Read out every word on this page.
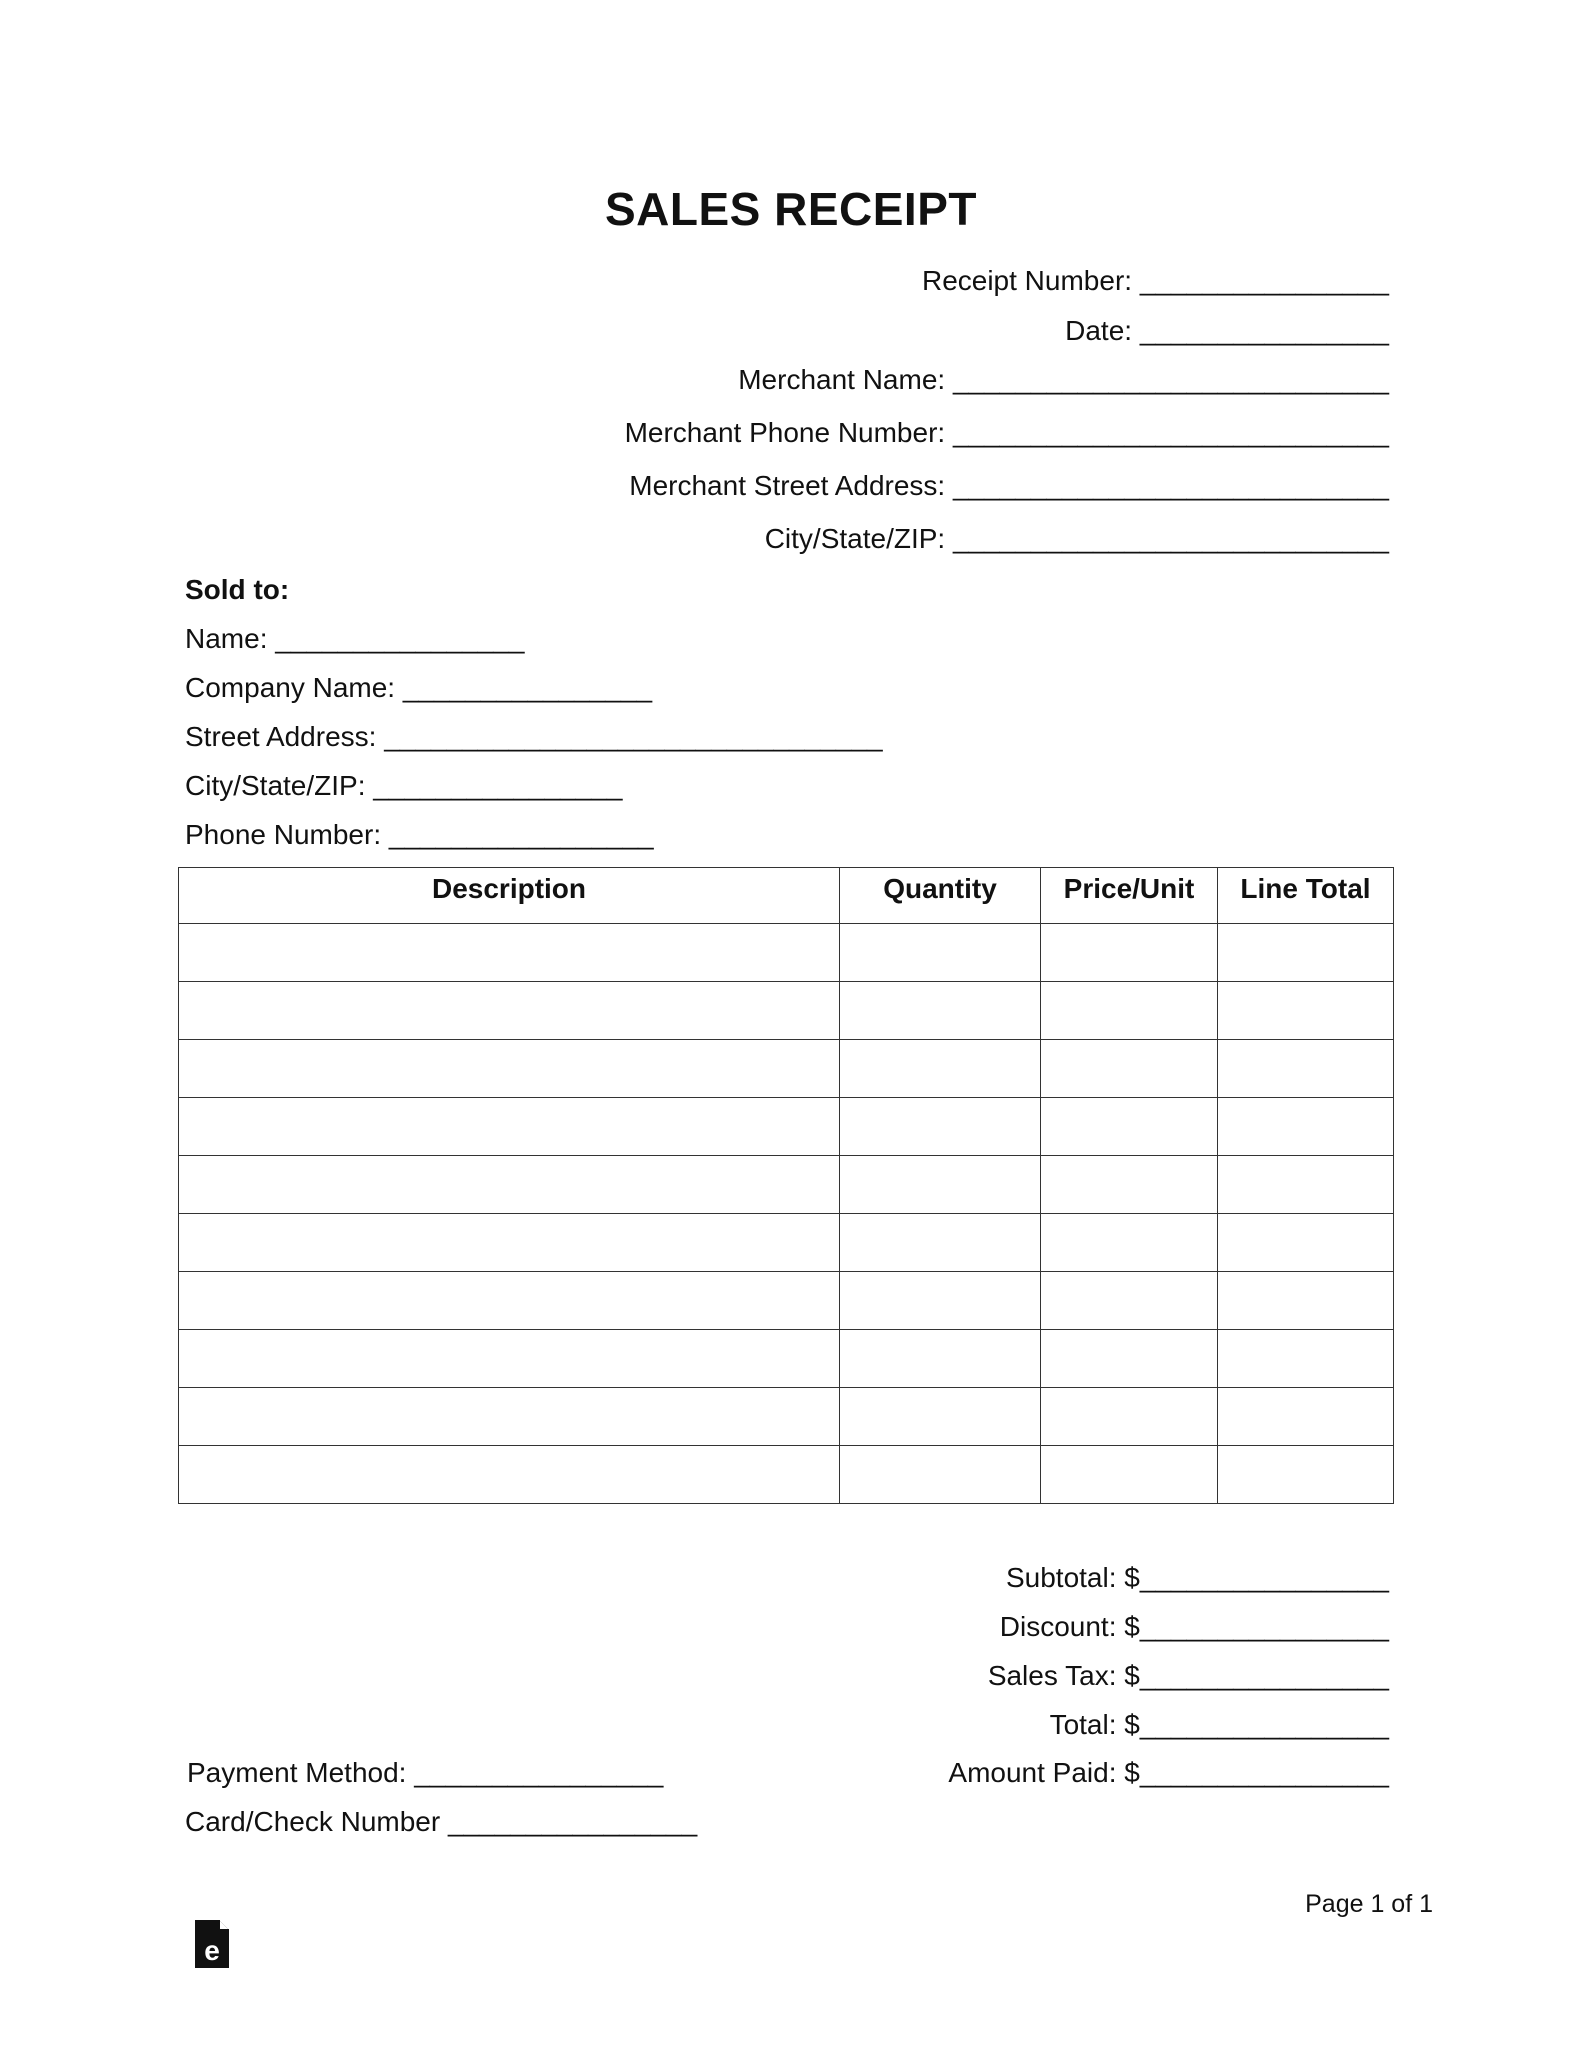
SALES RECEIPT
Receipt Number: ________________
Date: ________________
Merchant Name: ____________________________
Merchant Phone Number: ____________________________
Merchant Street Address: ____________________________
City/State/ZIP: ____________________________
Sold to:
Name: ________________
Company Name: ________________
Street Address: ________________________________
City/State/ZIP: ________________
Phone Number: _________________
Description	Quantity	Price/Unit	Line Total

Subtotal: $________________
Discount: $________________
Sales Tax: $________________
Total: $________________
Amount Paid: $________________
Payment Method: ________________
Card/Check Number ________________
Page 1 of 1
e
